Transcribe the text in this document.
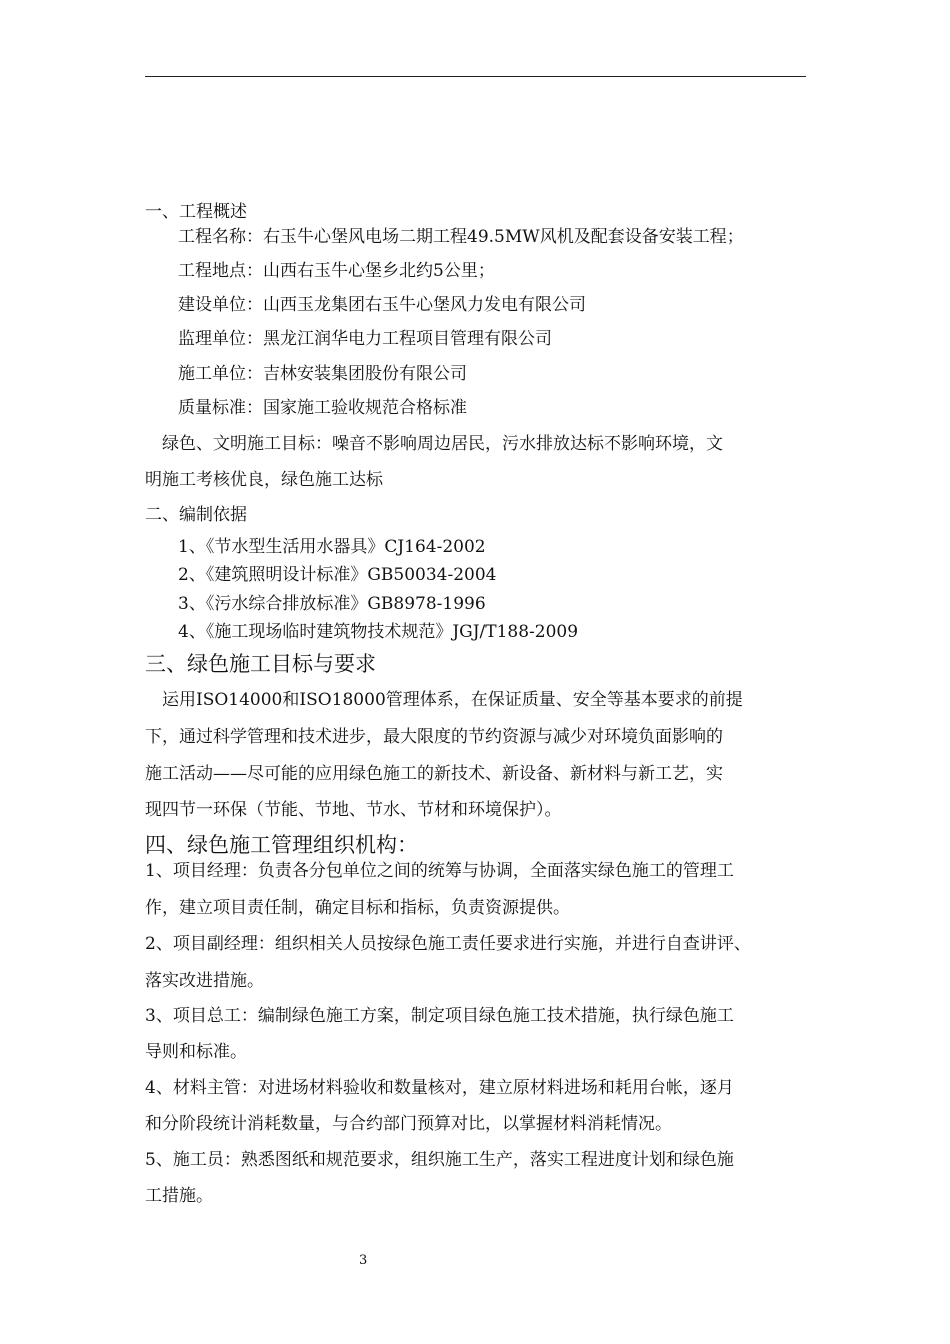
一、工程概述
工程名称：右玉牛心堡风电场二期工程49.5MW风机及配套设备安装工程；
工程地点：山西右玉牛心堡乡北约5公里；
建设单位：山西玉龙集团右玉牛心堡风力发电有限公司
监理单位：黑龙江润华电力工程项目管理有限公司
施工单位：吉林安装集团股份有限公司
质量标准：国家施工验收规范合格标准
绿色、文明施工目标：噪音不影响周边居民，污水排放达标不影响环境，文
明施工考核优良，绿色施工达标
二、编制依据
1、《节水型生活用水器具》CJ164-2002
2、《建筑照明设计标准》GB50034-2004
3、《污水综合排放标准》GB8978-1996
4、《施工现场临时建筑物技术规范》JGJ/T188-2009
三、绿色施工目标与要求
运用ISO14000和ISO18000管理体系，在保证质量、安全等基本要求的前提
下，通过科学管理和技术进步，最大限度的节约资源与减少对环境负面影响的
施工活动——尽可能的应用绿色施工的新技术、新设备、新材料与新工艺，实
现四节一环保（节能、节地、节水、节材和环境保护）。
四、绿色施工管理组织机构：
1、项目经理：负责各分包单位之间的统筹与协调，全面落实绿色施工的管理工
作，建立项目责任制，确定目标和指标，负责资源提供。
2、项目副经理：组织相关人员按绿色施工责任要求进行实施，并进行自查讲评、
落实改进措施。
3、项目总工：编制绿色施工方案，制定项目绿色施工技术措施，执行绿色施工
导则和标准。
4、材料主管：对进场材料验收和数量核对，建立原材料进场和耗用台帐，逐月
和分阶段统计消耗数量，与合约部门预算对比，以掌握材料消耗情况。
5、施工员：熟悉图纸和规范要求，组织施工生产，落实工程进度计划和绿色施
工措施。
3
